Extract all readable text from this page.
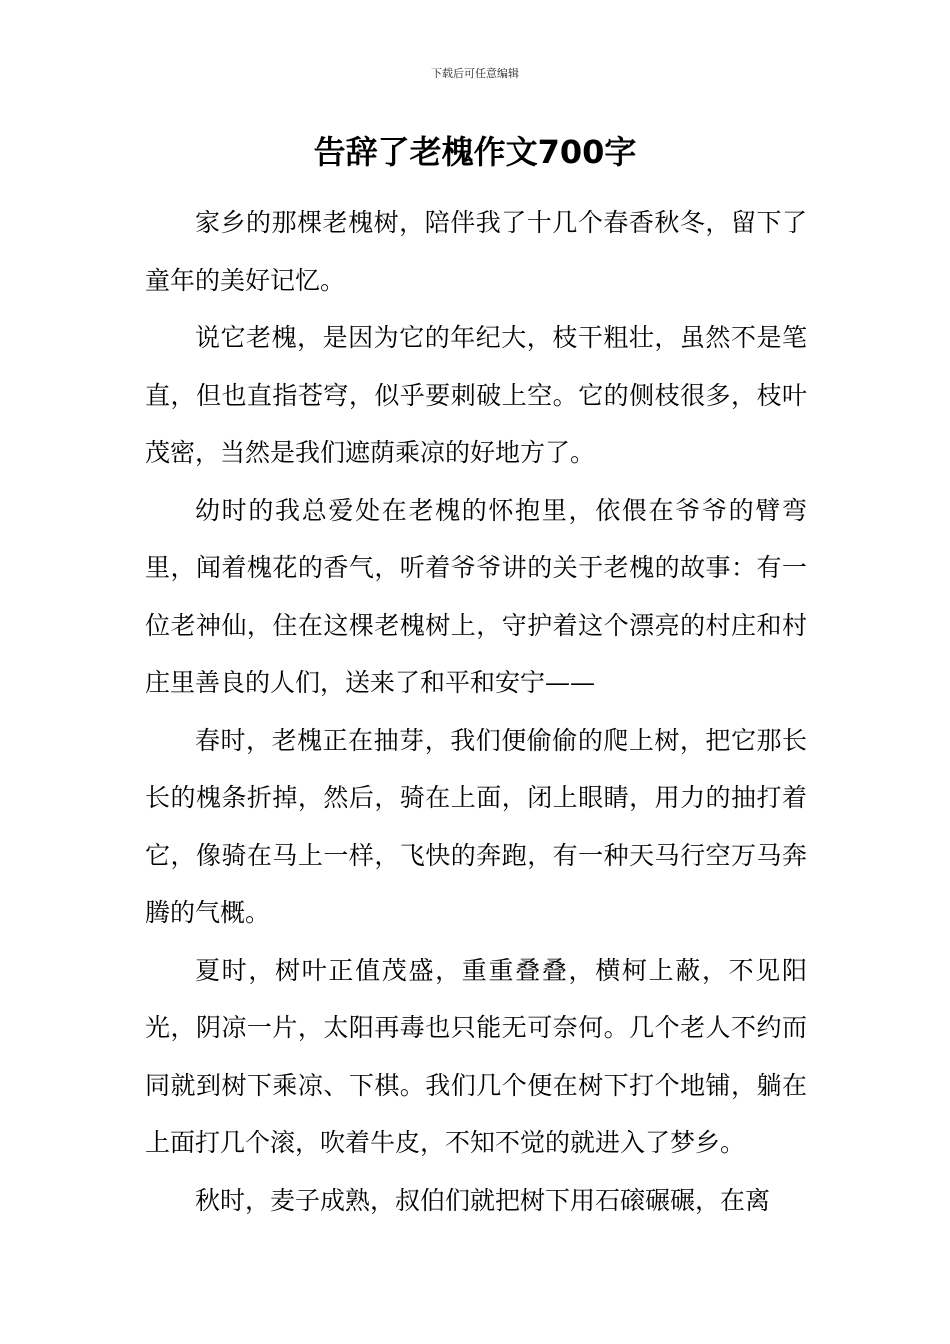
下载后可任意编辑
告辞了老槐作文700字

家乡的那棵老槐树，陪伴我了十几个春香秋冬，留下了童年的美好记忆。

说它老槐，是因为它的年纪大，枝干粗壮，虽然不是笔直，但也直指苍穹，似乎要刺破上空。它的侧枝很多，枝叶茂密，当然是我们遮荫乘凉的好地方了。

幼时的我总爱处在老槐的怀抱里，依偎在爷爷的臂弯里，闻着槐花的香气，听着爷爷讲的关于老槐的故事：有一位老神仙，住在这棵老槐树上，守护着这个漂亮的村庄和村庄里善良的人们，送来了和平和安宁——

春时，老槐正在抽芽，我们便偷偷的爬上树，把它那长长的槐条折掉，然后，骑在上面，闭上眼睛，用力的抽打着它，像骑在马上一样，飞快的奔跑，有一种天马行空万马奔腾的气概。

夏时，树叶正值茂盛，重重叠叠，横柯上蔽，不见阳光，阴凉一片，太阳再毒也只能无可奈何。几个老人不约而同就到树下乘凉、下棋。我们几个便在树下打个地铺，躺在上面打几个滚，吹着牛皮，不知不觉的就进入了梦乡。

秋时，麦子成熟，叔伯们就把树下用石磙碾碾，在离
